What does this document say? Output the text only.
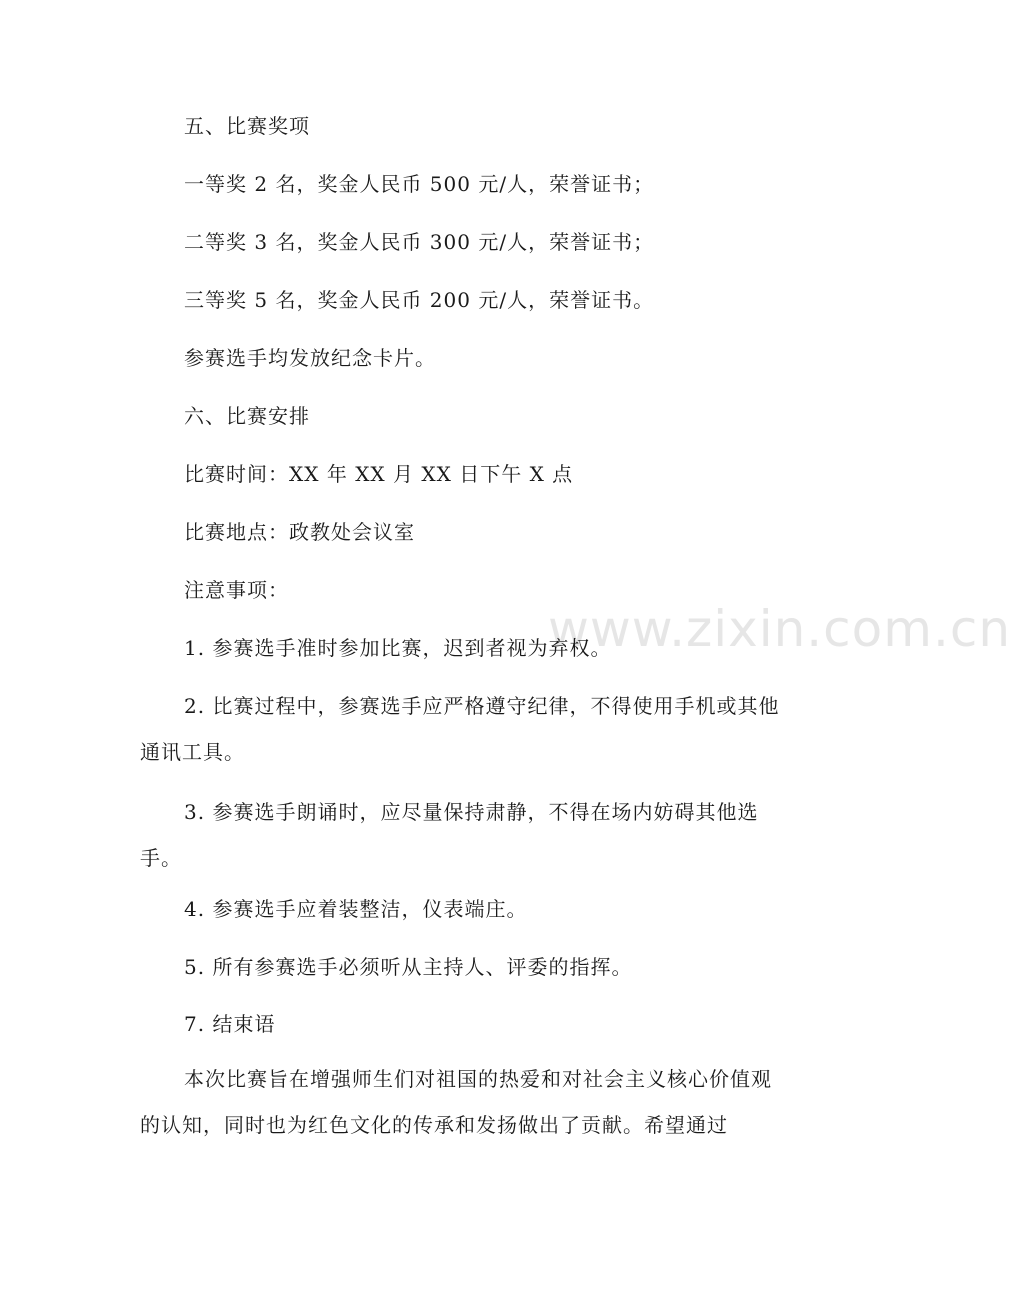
www.zixin.com.cn

五、比赛奖项

一等奖 2 名，奖金人民币 500 元/人，荣誉证书；

二等奖 3 名，奖金人民币 300 元/人，荣誉证书；

三等奖 5 名，奖金人民币 200 元/人，荣誉证书。

参赛选手均发放纪念卡片。

六、比赛安排

比赛时间：XX 年 XX 月 XX 日下午 X 点

比赛地点：政教处会议室

注意事项：

1. 参赛选手准时参加比赛，迟到者视为弃权。

2. 比赛过程中，参赛选手应严格遵守纪律，不得使用手机或其他通讯工具。

3. 参赛选手朗诵时，应尽量保持肃静，不得在场内妨碍其他选手。

4. 参赛选手应着装整洁，仪表端庄。

5. 所有参赛选手必须听从主持人、评委的指挥。

7. 结束语

本次比赛旨在增强师生们对祖国的热爱和对社会主义核心价值观的认知，同时也为红色文化的传承和发扬做出了贡献。希望通过
